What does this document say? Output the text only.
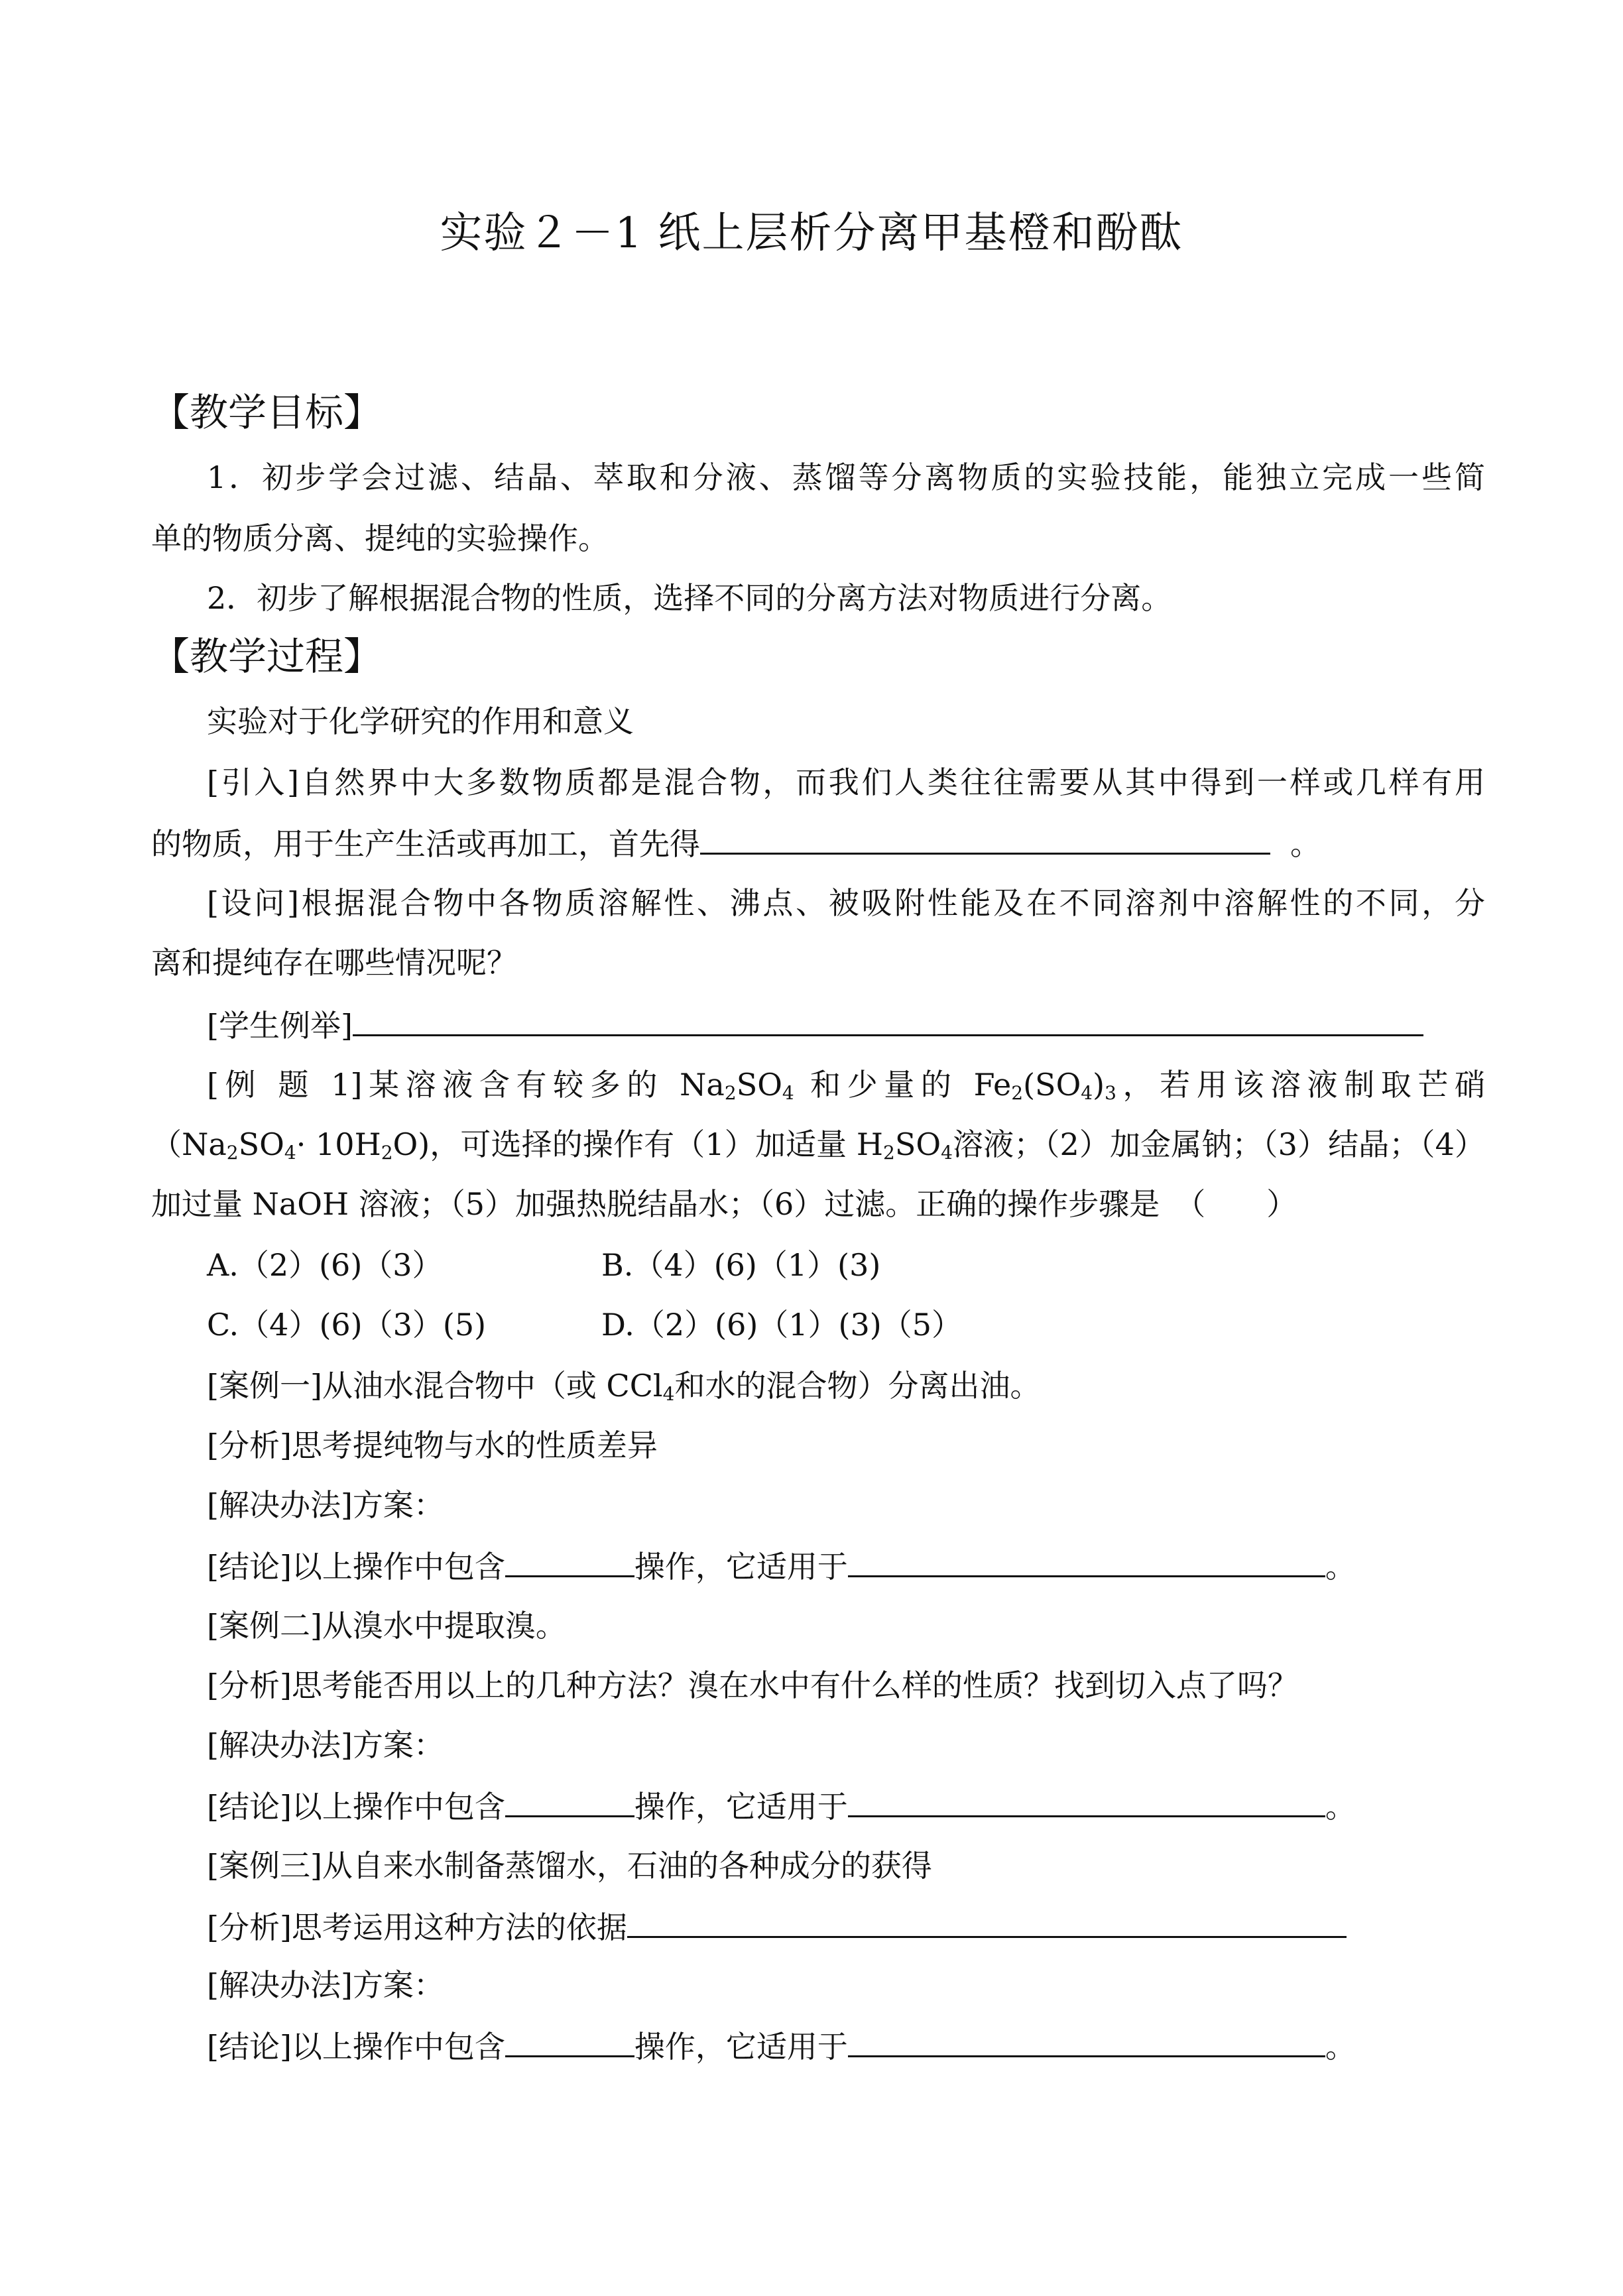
实验２－1 纸上层析分离甲基橙和酚酞
【教学目标】
1．初步学会过滤、结晶、萃取和分液、蒸馏等分离物质的实验技能，能独立完成一些简
单的物质分离、提纯的实验操作。
2．初步了解根据混合物的性质，选择不同的分离方法对物质进行分离。
【教学过程】
实验对于化学研究的作用和意义
[引入]自然界中大多数物质都是混合物，而我们人类往往需要从其中得到一样或几样有用
的物质，用于生产生活或再加工，首先得	。
[设问]根据混合物中各物质溶解性、沸点、被吸附性能及在不同溶剂中溶解性的不同，分
离和提纯存在哪些情况呢？
[学生例举]
[例 题 1]某溶液含有较多的 $Na_2SO_4$ 和少量的 $Fe_2(SO_4)_3$，若用该溶液制取芒硝
$(Na_2SO_4\cdot 10H_2O)$，可选择的操作有（1）加适量 $H_2SO_4$溶液；（2）加金属钠；（3）结晶；（4）
加过量 NaOH 溶液；（5）加强热脱结晶水；（6）过滤。正确的操作步骤是　（　　）
A.（2）(6)（3）	B.（4）(6)（1）(3)
C.（4）(6)（3）(5)	D.（2）(6)（1）(3)（5）
[案例一]从油水混合物中（或 CCl$_4$和水的混合物）分离出油。
[分析]思考提纯物与水的性质差异
[解决办法]方案：
[结论]以上操作中包含	操作，它适用于	。
[案例二]从溴水中提取溴。
[分析]思考能否用以上的几种方法？溴在水中有什么样的性质？找到切入点了吗？
[解决办法]方案：
[结论]以上操作中包含	操作，它适用于	。
[案例三]从自来水制备蒸馏水，石油的各种成分的获得
[分析]思考运用这种方法的依据
[解决办法]方案：
[结论]以上操作中包含	操作，它适用于	。
